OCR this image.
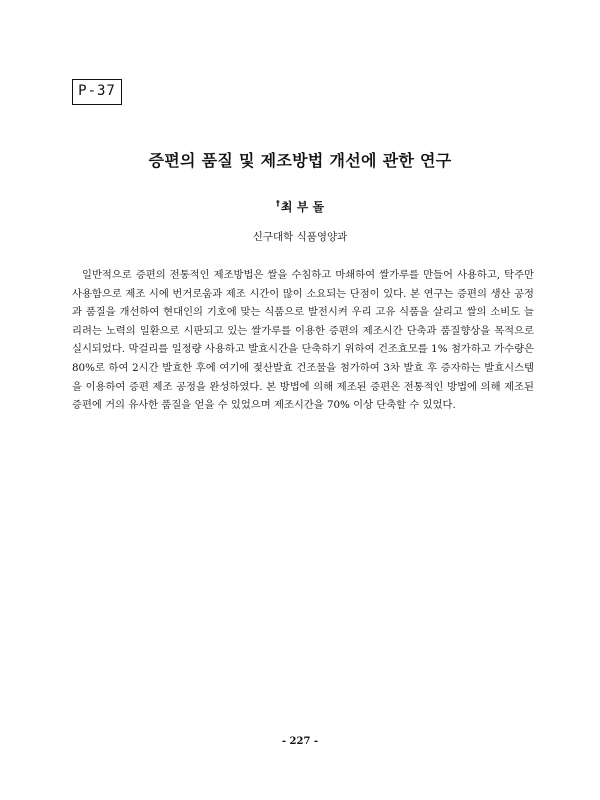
P-37
증편의 품질 및 제조방법 개선에 관한 연구
†최 부 돌
신구대학 식품영양과

일반적으로 증편의 전통적인 제조방법은 쌀을 수침하고 마쇄하여 쌀가루를 만들어 사용하고, 탁주만 사용함으로 제조 시에 번거로움과 제조 시간이 많이 소요되는 단점이 있다. 본 연구는 증편의 생산 공정과 품질을 개선하여 현대인의 기호에 맞는 식품으로 발전시켜 우리 고유 식품을 살리고 쌀의 소비도 늘리려는 노력의 일환으로 시판되고 있는 쌀가루를 이용한 증편의 제조시간 단축과 품질향상을 목적으로 실시되었다. 막걸리를 일정량 사용하고 발효시간을 단축하기 위하여 건조효모를 1% 첨가하고 가수량은 80%로 하여 2시간 발효한 후에 여기에 젖산발효 건조물을 첨가하여 3차 발효 후 증자하는 발효시스템을 이용하여 증편 제조 공정을 완성하였다. 본 방법에 의해 제조된 증편은 전통적인 방법에 의해 제조된 증편에 거의 유사한 품질을 얻을 수 있었으며 제조시간을 70% 이상 단축할 수 있었다.

- 227 -
